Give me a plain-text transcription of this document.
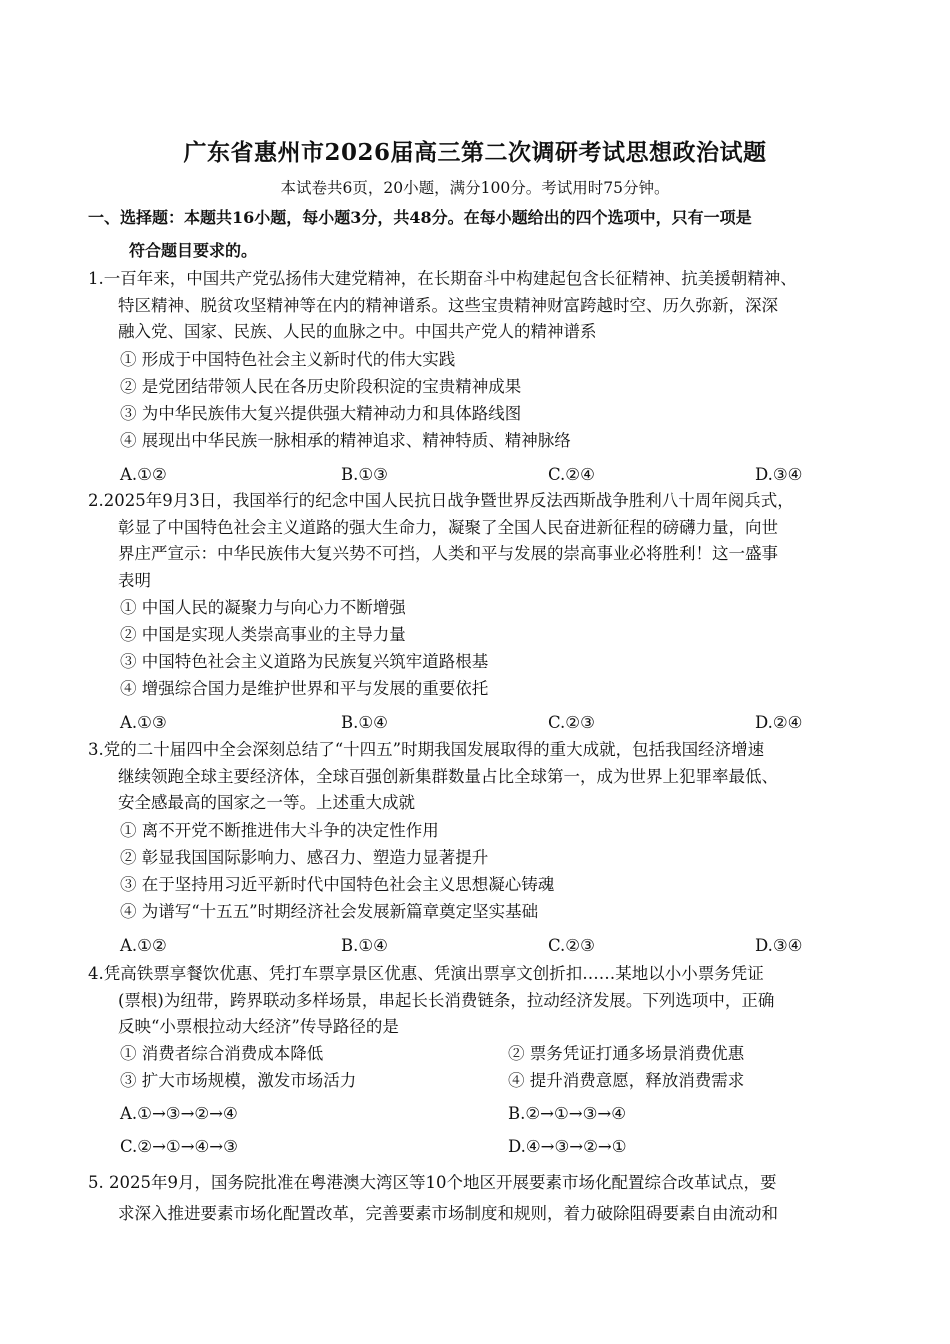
广东省惠州市2026届高三第二次调研考试思想政治试题
本试卷共6页，20小题，满分100分。考试用时75分钟。
一、选择题：本题共16小题，每小题3分，共48分。在每小题给出的四个选项中，只有一项是
符合题目要求的。
1.一百年来，中国共产党弘扬伟大建党精神，在长期奋斗中构建起包含长征精神、抗美援朝精神、
特区精神、脱贫攻坚精神等在内的精神谱系。这些宝贵精神财富跨越时空、历久弥新，深深
融入党、国家、民族、人民的血脉之中。中国共产党人的精神谱系
① 形成于中国特色社会主义新时代的伟大实践
② 是党团结带领人民在各历史阶段积淀的宝贵精神成果
③ 为中华民族伟大复兴提供强大精神动力和具体路线图
④ 展现出中华民族一脉相承的精神追求、精神特质、精神脉络
A.①②	B.①③	C.②④	D.③④
2.2025年9月3日，我国举行的纪念中国人民抗日战争暨世界反法西斯战争胜利八十周年阅兵式，
彰显了中国特色社会主义道路的强大生命力，凝聚了全国人民奋进新征程的磅礴力量，向世
界庄严宣示：中华民族伟大复兴势不可挡，人类和平与发展的崇高事业必将胜利！这一盛事
表明
① 中国人民的凝聚力与向心力不断增强
② 中国是实现人类崇高事业的主导力量
③ 中国特色社会主义道路为民族复兴筑牢道路根基
④ 增强综合国力是维护世界和平与发展的重要依托
A.①③	B.①④	C.②③	D.②④
3.党的二十届四中全会深刻总结了“十四五”时期我国发展取得的重大成就，包括我国经济增速
继续领跑全球主要经济体，全球百强创新集群数量占比全球第一，成为世界上犯罪率最低、
安全感最高的国家之一等。上述重大成就
① 离不开党不断推进伟大斗争的决定性作用
② 彰显我国国际影响力、感召力、塑造力显著提升
③ 在于坚持用习近平新时代中国特色社会主义思想凝心铸魂
④ 为谱写“十五五”时期经济社会发展新篇章奠定坚实基础
A.①②	B.①④	C.②③	D.③④
4.凭高铁票享餐饮优惠、凭打车票享景区优惠、凭演出票享文创折扣……某地以小小票务凭证
(票根)为纽带，跨界联动多样场景，串起长长消费链条，拉动经济发展。下列选项中，正确
反映“小票根拉动大经济”传导路径的是
① 消费者综合消费成本降低	② 票务凭证打通多场景消费优惠
③ 扩大市场规模，激发市场活力	④ 提升消费意愿，释放消费需求
A.①→③→②→④	B.②→①→③→④
C.②→①→④→③	D.④→③→②→①
5. 2025年9月，国务院批准在粤港澳大湾区等10个地区开展要素市场化配置综合改革试点，要
求深入推进要素市场化配置改革，完善要素市场制度和规则，着力破除阻碍要素自由流动和
